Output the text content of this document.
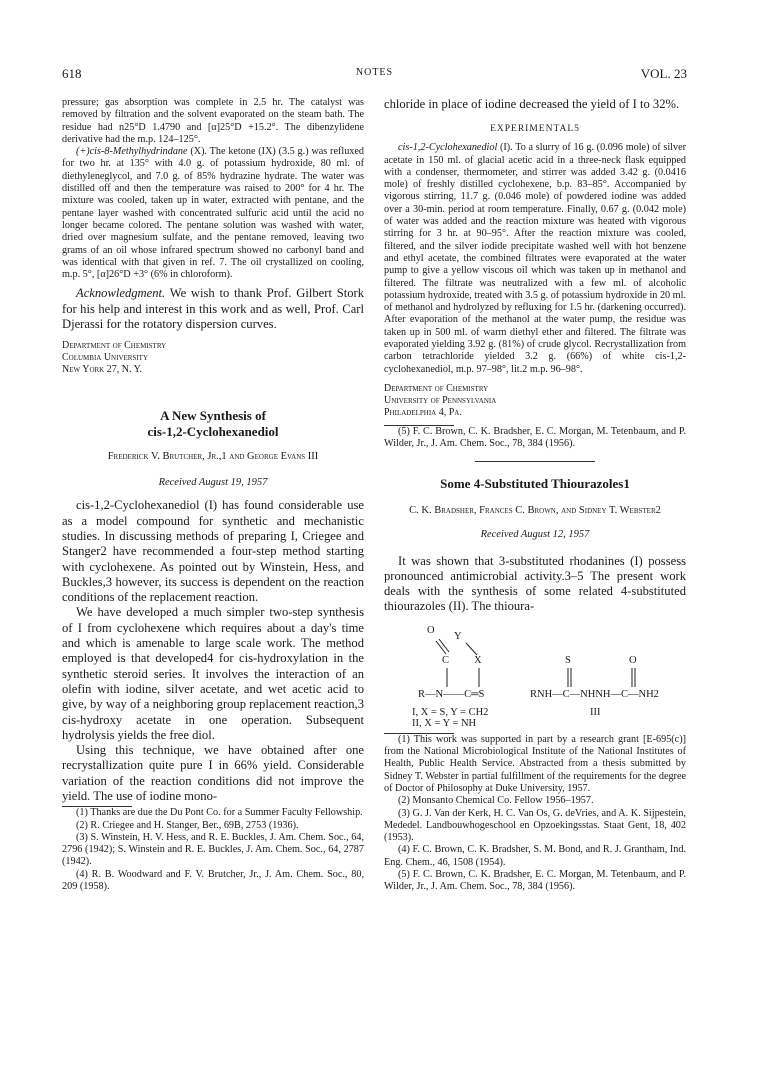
618	NOTES	VOL. 23

pressure; gas absorption was complete in 2.5 hr. The catalyst was removed by filtration and the solvent evaporated on the steam bath. The residue had n25°D 1.4790 and [α]25°D +15.2°. The dibenzylidene derivative had the m.p. 124–125°.

(+)cis-8-Methylhydrindane (X). The ketone (IX) (3.5 g.) was refluxed for two hr. at 135° with 4.0 g. of potassium hydroxide, 80 ml. of diethyleneglycol, and 7.0 g. of 85% hydrazine hydrate. The water was distilled off and then the temperature was raised to 200° for 4 hr. The mixture was cooled, taken up in water, extracted with pentane, and the pentane layer washed with concentrated sulfuric acid until the acid no longer became colored. The pentane solution was washed with water, dried over magnesium sulfate, and the pentane removed, leaving two grams of an oil whose infrared spectrum showed no carbonyl band and was identical with that given in ref. 7. The oil crystallized on cooling, m.p. 5°, [α]26°D +3° (6% in chloroform).

Acknowledgment. We wish to thank Prof. Gilbert Stork for his help and interest in this work and as well, Prof. Carl Djerassi for the rotatory dispersion curves.

Department of Chemistry

Columbia University

New York 27, N. Y.

A New Synthesis of

cis-1,2-Cyclohexanediol

Frederick V. Brutcher, Jr.,1 and George Evans III

Received August 19, 1957

cis-1,2-Cyclohexanediol (I) has found considerable use as a model compound for synthetic and mechanistic studies. In discussing methods of preparing I, Criegee and Stanger2 have recommended a four-step method starting with cyclohexene. As pointed out by Winstein, Hess, and Buckles,3 however, its success is dependent on the reaction conditions of the replacement reaction.

We have developed a much simpler two-step synthesis of I from cyclohexene which requires about a day's time and which is amenable to large scale work. The method employed is that developed4 for cis-hydroxylation in the synthetic steroid series. It involves the interaction of an olefin with iodine, silver acetate, and wet acetic acid to give, by way of a neighboring group replacement reaction,3 cis-hydroxy acetate in one operation. Subsequent hydrolysis yields the free diol.

Using this technique, we have obtained after one recrystallization quite pure I in 66% yield. Considerable variation of the reaction conditions did not improve the yield. The use of iodine mono-

(1) Thanks are due the Du Pont Co. for a Summer Faculty Fellowship.

(2) R. Criegee and H. Stanger, Ber., 69B, 2753 (1936).

(3) S. Winstein, H. V. Hess, and R. E. Buckles, J. Am. Chem. Soc., 64, 2796 (1942); S. Winstein and R. E. Buckles, J. Am. Chem. Soc., 64, 2787 (1942).

(4) R. B. Woodward and F. V. Brutcher, Jr., J. Am. Chem. Soc., 80, 209 (1958).

chloride in place of iodine decreased the yield of I to 32%.

EXPERIMENTAL5

cis-1,2-Cyclohexanediol (I). To a slurry of 16 g. (0.096 mole) of silver acetate in 150 ml. of glacial acetic acid in a three-neck flask equipped with a condenser, thermometer, and stirrer was added 3.42 g. (0.0416 mole) of freshly distilled cyclohexene, b.p. 83–85°. Accompanied by vigorous stirring, 11.7 g. (0.046 mole) of powdered iodine was added over a 30-min. period at room temperature. Finally, 0.67 g. (0.042 mole) of water was added and the reaction mixture was heated with vigorous stirring for 3 hr. at 90–95°. After the reaction mixture was cooled, filtered, and the silver iodide precipitate washed well with hot benzene and ethyl acetate, the combined filtrates were evaporated at the water pump to give a yellow viscous oil which was taken up in methanol and filtered. The filtrate was neutralized with a few ml. of alcoholic potassium hydroxide, treated with 3.5 g. of potassium hydroxide in 20 ml. of methanol and hydrolyzed by refluxing for 1.5 hr. (darkening occurred). After evaporation of the methanol at the water pump, the residue was taken up in 500 ml. of warm diethyl ether and filtered. The filtrate was evaporated yielding 3.92 g. (81%) of crude glycol. Recrystallization from carbon tetrachloride yielded 3.2 g. (66%) of white cis-1,2-cyclohexanediol, m.p. 97–98°, lit.2 m.p. 96–98°.

Department of Chemistry

University of Pennsylvania

Philadelphia 4, Pa.

(5) F. C. Brown, C. K. Bradsher, E. C. Morgan, M. Tetenbaum, and P. Wilder, Jr., J. Am. Chem. Soc., 78, 384 (1956).

Some 4-Substituted Thiourazoles1

C. K. Bradsher, Frances C. Brown, and Sidney T. Webster2

Received August 12, 1957

It was shown that 3-substituted rhodanines (I) possess pronounced antimicrobial activity.3–5 The present work deals with the synthesis of some related 4-substituted thiourazoles (II). The thioura-

O
Y
C X	S	O
R—N——C═S	RNH—C—NHNH—C—NH2
I, X = S, Y = CH2
II, X = Y = NH
III

(1) This work was supported in part by a research grant [E-695(c)] from the National Microbiological Institute of the National Institutes of Health, Public Health Service. Abstracted from a thesis submitted by Sidney T. Webster in partial fulfillment of the requirements for the degree of Doctor of Philosophy at Duke University, 1957.

(2) Monsanto Chemical Co. Fellow 1956–1957.

(3) G. J. Van der Kerk, H. C. Van Os, G. deVries, and A. K. Sijpestein, Mededel. Landbouwhogeschool en Opzoekingsstas. Staat Gent, 18, 402 (1953).

(4) F. C. Brown, C. K. Bradsher, S. M. Bond, and R. J. Grantham, Ind. Eng. Chem., 46, 1508 (1954).

(5) F. C. Brown, C. K. Bradsher, E. C. Morgan, M. Tetenbaum, and P. Wilder, Jr., J. Am. Chem. Soc., 78, 384 (1956).
